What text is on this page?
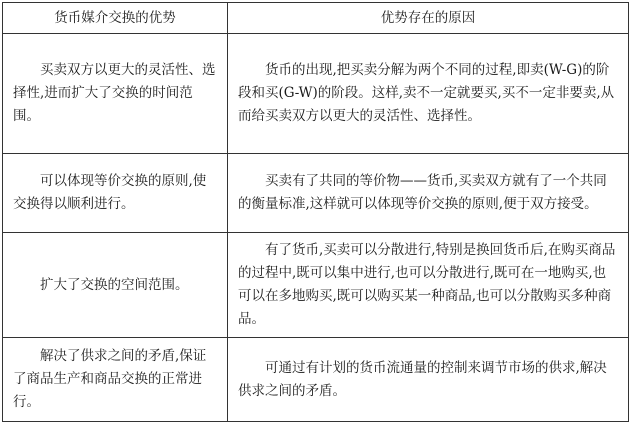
货币媒介交换的优势	优势存在的原因

买卖双方以更大的灵活性、选择性,进而扩大了交换的时间范围。	货币的出现,把买卖分解为两个不同的过程,即卖(W-G)的阶段和买(G-W)的阶段。这样,卖不一定就要买,买不一定非要卖,从而给买卖双方以更大的灵活性、选择性。

可以体现等价交换的原则,使交换得以顺利进行。	买卖有了共同的等价物——货币,买卖双方就有了一个共同的衡量标准,这样就可以体现等价交换的原则,便于双方接受。

扩大了交换的空间范围。	有了货币,买卖可以分散进行,特别是换回货币后,在购买商品的过程中,既可以集中进行,也可以分散进行,既可在一地购买,也可以在多地购买,既可以购买某一种商品,也可以分散购买多种商品。

解决了供求之间的矛盾,保证了商品生产和商品交换的正常进行。	可通过有计划的货币流通量的控制来调节市场的供求,解决供求之间的矛盾。
